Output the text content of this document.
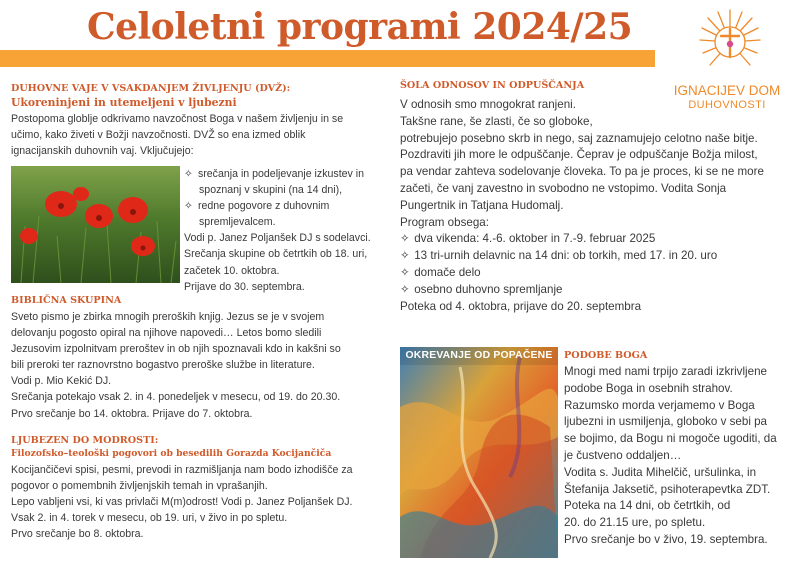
Celoletni programi 2024/25
IGNACIJEV DOM
DUHOVNOSTI
DUHOVNE VAJE V VSAKDANJEM ŽIVLJENJU (DVŽ):
Ukoreninjeni in utemeljeni v ljubezni
Postopoma globlje odkrivamo navzočnost Boga v našem življenju in se
učimo, kako živeti v Božji navzočnosti. DVŽ so ena izmed oblik
ignacijanskih duhovnih vaj. Vključujejo:
✧ srečanja in podeljevanje izkustev in
spoznanj v skupini (na 14 dni),
✧ redne pogovore z duhovnim
spremljevalcem.
Vodi p. Janez Poljanšek DJ s sodelavci.
Srečanja skupine ob četrtkih ob 18. uri,
začetek 10. oktobra.
Prijave do 30. septembra.
BIBLIČNA SKUPINA
Sveto pismo je zbirka mnogih preroških knjig. Jezus se je v svojem
delovanju pogosto opiral na njihove napovedi… Letos bomo sledili
Jezusovim izpolnitvam preroštev in ob njih spoznavali kdo in kakšni so
bili preroki ter raznovrstno bogastvo preroške službe in literature.
Vodi p. Mio Kekić DJ.
Srečanja potekajo vsak 2. in 4. ponedeljek v mesecu, od 19. do 20.30.
Prvo srečanje bo 14. oktobra. Prijave do 7. oktobra.
LJUBEZEN DO MODROSTI:
Filozofsko–teološki pogovori ob besedilih Gorazda Kocijančiča
Kocijančičevi spisi, pesmi, prevodi in razmišljanja nam bodo izhodišče za
pogovor o pomembnih življenjskih temah in vprašanjih.
Lepo vabljeni vsi, ki vas privlači M(m)odrost! Vodi p. Janez Poljanšek DJ.
Vsak 2. in 4. torek v mesecu, ob 19. uri, v živo in po spletu.
Prvo srečanje bo 8. oktobra.
ŠOLA ODNOSOV IN ODPUŠČANJA
V odnosih smo mnogokrat ranjeni.
Takšne rane, še zlasti, če so globoke,
potrebujejo posebno skrb in nego, saj zaznamujejo celotno naše bitje.
Pozdraviti jih more le odpuščanje. Čeprav je odpuščanje Božja milost,
pa vendar zahteva sodelovanje človeka. To pa je proces, ki se ne more
začeti, če vanj zavestno in svobodno ne vstopimo. Vodita Sonja
Pungertnik in Tatjana Hudomalj.
Program obsega:
✧ dva vikenda: 4.-6. oktober in 7.-9. februar 2025
✧ 13 tri-urnih delavnic na 14 dni: ob torkih, med 17. in 20. uro
✧ domače delo
✧ osebno duhovno spremljanje
Poteka od 4. oktobra, prijave do 20. septembra
OKREVANJE OD POPAČENE	PODOBE BOGA
Mnogi med nami trpijo zaradi izkrivljene
podobe Boga in osebnih strahov.
Razumsko morda verjamemo v Boga
ljubezni in usmiljenja, globoko v sebi pa
se bojimo, da Bogu ni mogoče ugoditi, da
je čustveno oddaljen…
Vodita s. Judita Mihelčič, uršulinka, in
Štefanija Jaksetič, psihoterapevtka ZDT.
Poteka na 14 dni, ob četrtkih, od
20. do 21.15 ure, po spletu.
Prvo srečanje bo v živo, 19. septembra.
